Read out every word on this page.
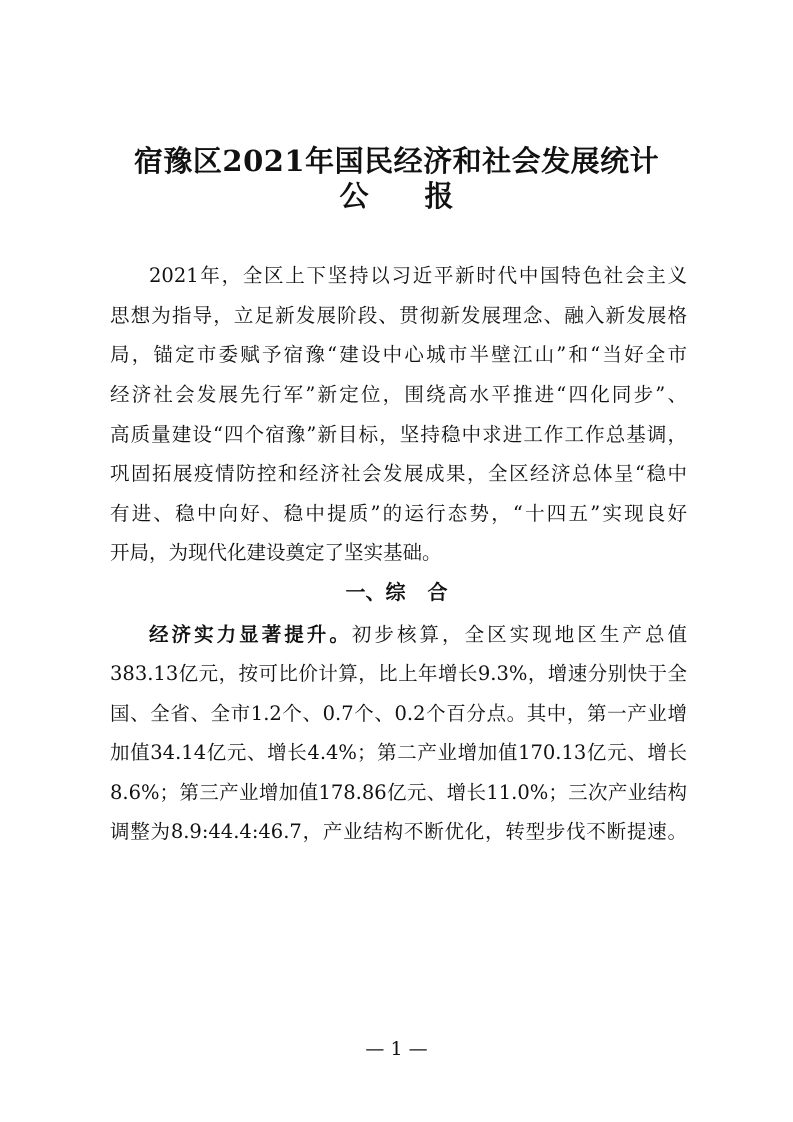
宿豫区2021年国民经济和社会发展统计
公 报
2021年，全区上下坚持以习近平新时代中国特色社会主义
思想为指导，立足新发展阶段、贯彻新发展理念、融入新发展格
局，锚定市委赋予宿豫“建设中心城市半壁江山”和“当好全市
经济社会发展先行军”新定位，围绕高水平推进“四化同步”、
高质量建设“四个宿豫”新目标，坚持稳中求进工作工作总基调，
巩固拓展疫情防控和经济社会发展成果，全区经济总体呈“稳中
有进、稳中向好、稳中提质”的运行态势，“十四五”实现良好
开局，为现代化建设奠定了坚实基础。
一、综 合
经济实力显著提升。初步核算，全区实现地区生产总值
383.13亿元，按可比价计算，比上年增长9.3%，增速分别快于全
国、全省、全市1.2个、0.7个、0.2个百分点。其中，第一产业增
加值34.14亿元、增长4.4%；第二产业增加值170.13亿元、增长
8.6%；第三产业增加值178.86亿元、增长11.0%；三次产业结构
调整为8.9:44.4:46.7，产业结构不断优化，转型步伐不断提速。
— 1 —
